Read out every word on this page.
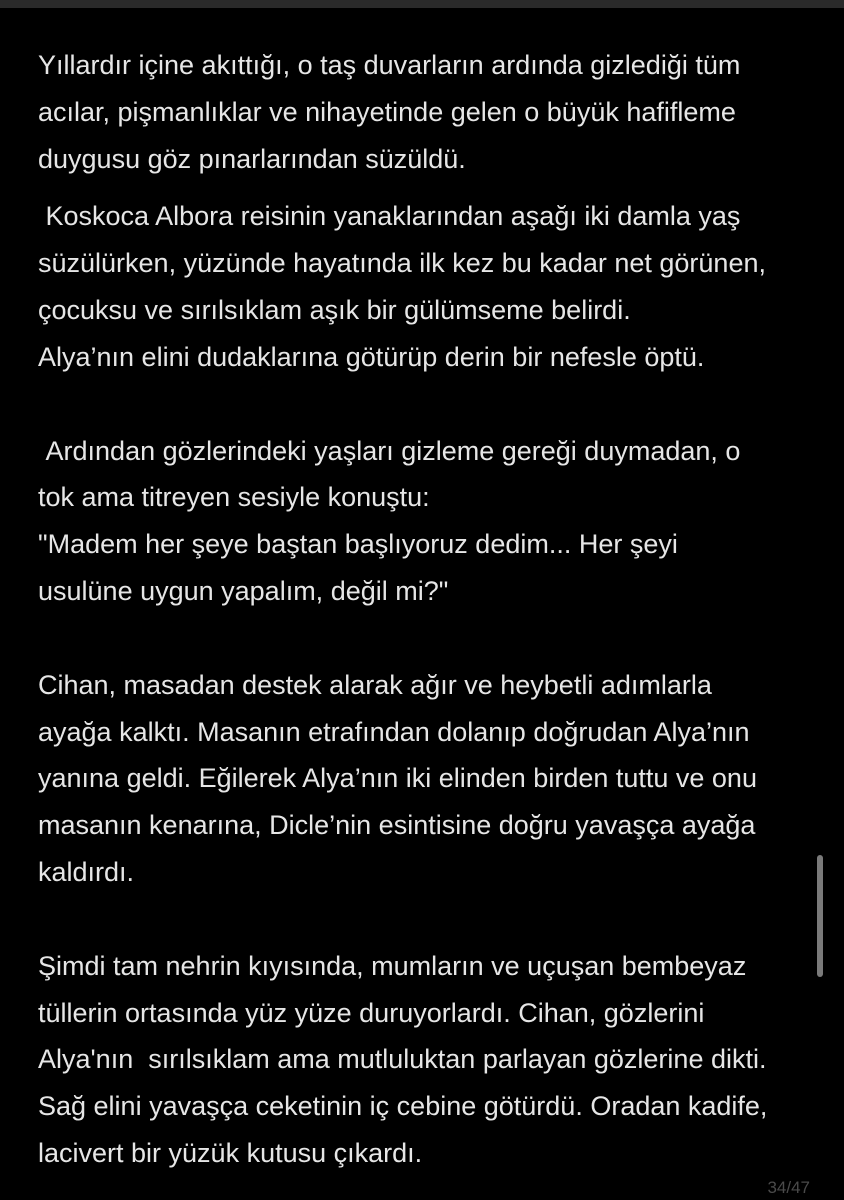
Yıllardır içine akıttığı, o taş duvarların ardında gizlediği tüm
acılar, pişmanlıklar ve nihayetinde gelen o büyük hafifleme
duygusu göz pınarlarından süzüldü.

Koskoca Albora reisinin yanaklarından aşağı iki damla yaş
süzülürken, yüzünde hayatında ilk kez bu kadar net görünen,
çocuksu ve sırılsıklam aşık bir gülümseme belirdi.
Alya’nın elini dudaklarına götürüp derin bir nefesle öptü.

Ardından gözlerindeki yaşları gizleme gereği duymadan, o
tok ama titreyen sesiyle konuştu:
"Madem her şeye baştan başlıyoruz dedim... Her şeyi
usulüne uygun yapalım, değil mi?"

Cihan, masadan destek alarak ağır ve heybetli adımlarla
ayağa kalktı. Masanın etrafından dolanıp doğrudan Alya’nın
yanına geldi. Eğilerek Alya’nın iki elinden birden tuttu ve onu
masanın kenarına, Dicle’nin esintisine doğru yavaşça ayağa
kaldırdı.

Şimdi tam nehrin kıyısında, mumların ve uçuşan bembeyaz
tüllerin ortasında yüz yüze duruyorlardı. Cihan, gözlerini
Alya'nın  sırılsıklam ama mutluluktan parlayan gözlerine dikti.
Sağ elini yavaşça ceketinin iç cebine götürdü. Oradan kadife,
lacivert bir yüzük kutusu çıkardı.

34/47
